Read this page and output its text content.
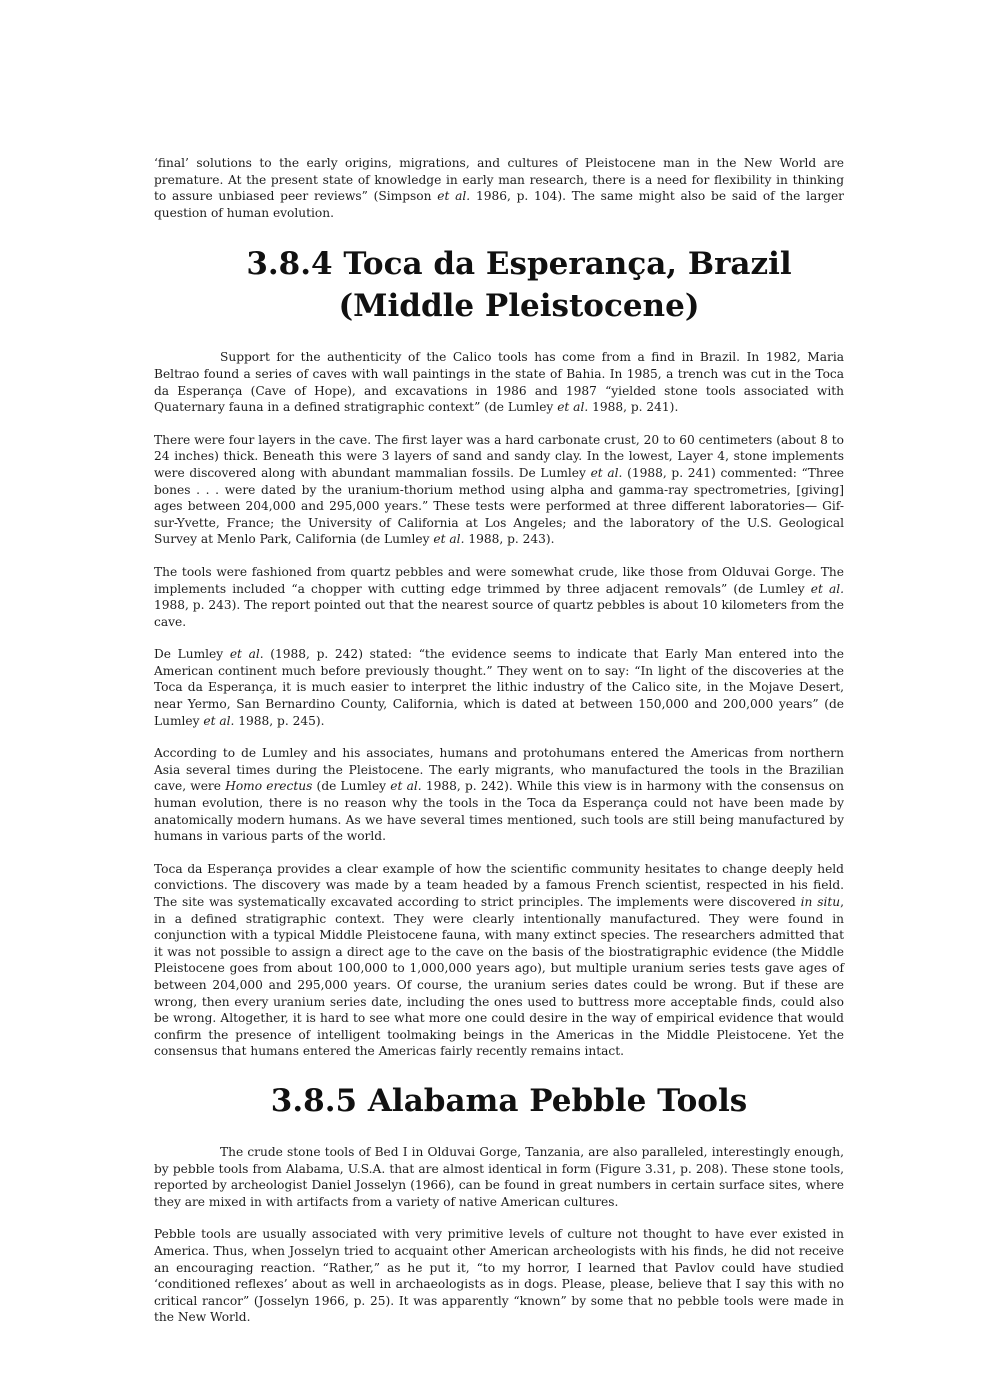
‘final’ solutions to the early origins, migrations, and cultures of Pleistocene man in the New World are premature. At the present state of knowledge in early man research, there is a need for flexibility in thinking to assure unbiased peer reviews” (Simpson et al. 1986, p. 104). The same might also be said of the larger question of human evolution.

3.8.4 Toca da Esperança, Brazil (Middle Pleistocene)

Support for the authenticity of the Calico tools has come from a find in Brazil. In 1982, Maria Beltrao found a series of caves with wall paintings in the state of Bahia. In 1985, a trench was cut in the Toca da Esperança (Cave of Hope), and excavations in 1986 and 1987 “yielded stone tools associated with Quaternary fauna in a defined stratigraphic context” (de Lumley et al. 1988, p. 241).

There were four layers in the cave. The first layer was a hard carbonate crust, 20 to 60 centimeters (about 8 to 24 inches) thick. Beneath this were 3 layers of sand and sandy clay. In the lowest, Layer 4, stone implements were discovered along with abundant mammalian fossils. De Lumley et al. (1988, p. 241) commented: “Three bones . . . were dated by the uranium-thorium method using alpha and gamma-ray spectrometries, [giving] ages between 204,000 and 295,000 years.” These tests were performed at three different laboratories— Gif-sur-Yvette, France; the University of California at Los Angeles; and the laboratory of the U.S. Geological Survey at Menlo Park, California (de Lumley et al. 1988, p. 243).

The tools were fashioned from quartz pebbles and were somewhat crude, like those from Olduvai Gorge. The implements included “a chopper with cutting edge trimmed by three adjacent removals” (de Lumley et al. 1988, p. 243). The report pointed out that the nearest source of quartz pebbles is about 10 kilometers from the cave.

De Lumley et al. (1988, p. 242) stated: “the evidence seems to indicate that Early Man entered into the American continent much before previously thought.” They went on to say: “In light of the discoveries at the Toca da Esperança, it is much easier to interpret the lithic industry of the Calico site, in the Mojave Desert, near Yermo, San Bernardino County, California, which is dated at between 150,000 and 200,000 years” (de Lumley et al. 1988, p. 245).

According to de Lumley and his associates, humans and protohumans entered the Americas from northern Asia several times during the Pleistocene. The early migrants, who manufactured the tools in the Brazilian cave, were Homo erectus (de Lumley et al. 1988, p. 242). While this view is in harmony with the consensus on human evolution, there is no reason why the tools in the Toca da Esperança could not have been made by anatomically modern humans. As we have several times mentioned, such tools are still being manufactured by humans in various parts of the world.

Toca da Esperança provides a clear example of how the scientific community hesitates to change deeply held convictions. The discovery was made by a team headed by a famous French scientist, respected in his field. The site was systematically excavated according to strict principles. The implements were discovered in situ, in a defined stratigraphic context. They were clearly intentionally manufactured. They were found in conjunction with a typical Middle Pleistocene fauna, with many extinct species. The researchers admitted that it was not possible to assign a direct age to the cave on the basis of the biostratigraphic evidence (the Middle Pleistocene goes from about 100,000 to 1,000,000 years ago), but multiple uranium series tests gave ages of between 204,000 and 295,000 years. Of course, the uranium series dates could be wrong. But if these are wrong, then every uranium series date, including the ones used to buttress more acceptable finds, could also be wrong. Altogether, it is hard to see what more one could desire in the way of empirical evidence that would confirm the presence of intelligent toolmaking beings in the Americas in the Middle Pleistocene. Yet the consensus that humans entered the Americas fairly recently remains intact.

3.8.5 Alabama Pebble Tools

The crude stone tools of Bed I in Olduvai Gorge, Tanzania, are also paralleled, interestingly enough, by pebble tools from Alabama, U.S.A. that are almost identical in form (Figure 3.31, p. 208). These stone tools, reported by archeologist Daniel Josselyn (1966), can be found in great numbers in certain surface sites, where they are mixed in with artifacts from a variety of native American cultures.

Pebble tools are usually associated with very primitive levels of culture not thought to have ever existed in America. Thus, when Josselyn tried to acquaint other American archeologists with his finds, he did not receive an encouraging reaction. “Rather,” as he put it, “to my horror, I learned that Pavlov could have studied ‘conditioned reflexes’ about as well in archaeologists as in dogs. Please, please, believe that I say this with no critical rancor” (Josselyn 1966, p. 25). It was apparently “known” by some that no pebble tools were made in the New World.
